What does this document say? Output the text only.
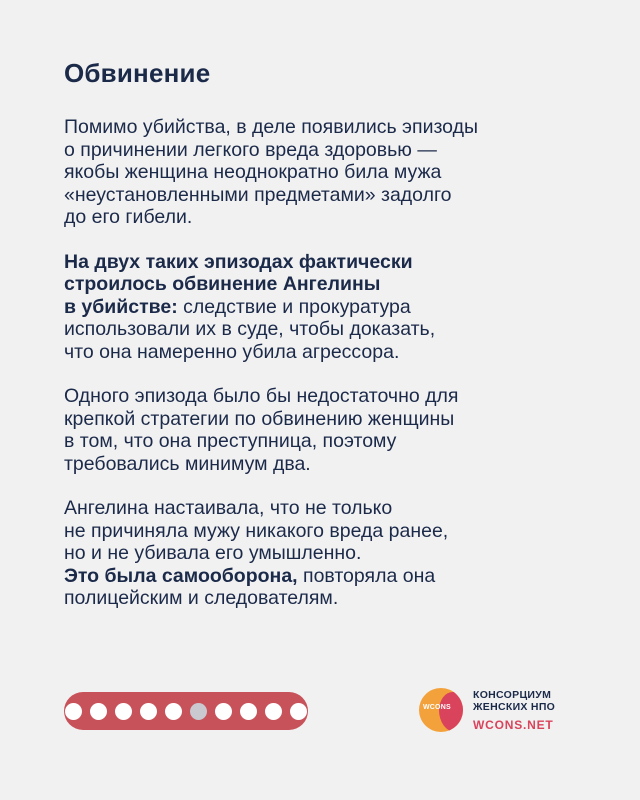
Обвинение

Помимо убийства, в деле появились эпизоды
о причинении легкого вреда здоровью —
якобы женщина неоднократно била мужа
«неустановленными предметами» задолго
до его гибели.

На двух таких эпизодах фактически
строилось обвинение Ангелины
в убийстве: следствие и прокуратура
использовали их в суде, чтобы доказать,
что она намеренно убила агрессора.

Одного эпизода было бы недостаточно для
крепкой стратегии по обвинению женщины
в том, что она преступница, поэтому
требовались минимум два.

Ангелина настаивала, что не только
не причиняла мужу никакого вреда ранее,
но и не убивала его умышленно.
Это была самооборона, повторяла она
полицейским и следователям.

WCONS
КОНСОРЦИУМ
ЖЕНСКИХ НПО
WCONS.NET
